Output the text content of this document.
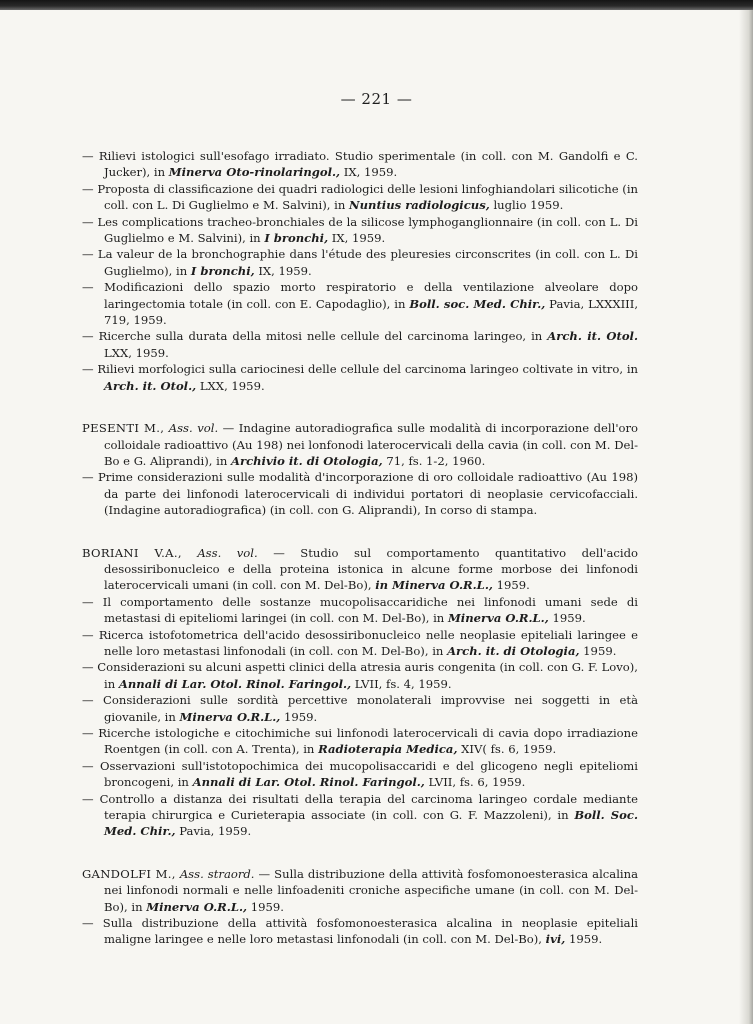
— 221 —

— Rilievi istologici sull'esofago irradiato. Studio sperimentale (in coll. con M. Gandolfi e C. Jucker), in Minerva Oto-rinolaringol., IX, 1959.

— Proposta di classificazione dei quadri radiologici delle lesioni linfoghiandolari silicotiche (in coll. con L. Di Guglielmo e M. Salvini), in Nuntius radiologicus, luglio 1959.

— Les complications tracheo-bronchiales de la silicose lymphoganglionnaire (in coll. con L. Di Guglielmo e M. Salvini), in I bronchi, IX, 1959.

— La valeur de la bronchographie dans l'étude des pleuresies circonscrites (in coll. con L. Di Guglielmo), in I bronchi, IX, 1959.

— Modificazioni dello spazio morto respiratorio e della ventilazione alveolare dopo laringectomia totale (in coll. con E. Capodaglio), in Boll. soc. Med. Chir., Pavia, LXXXIII, 719, 1959.

— Ricerche sulla durata della mitosi nelle cellule del carcinoma laringeo, in Arch. it. Otol. LXX, 1959.

— Rilievi morfologici sulla cariocinesi delle cellule del carcinoma laringeo coltivate in vitro, in Arch. it. Otol., LXX, 1959.

PESENTI M., Ass. vol. — Indagine autoradiografica sulle modalità di incorporazione dell'oro colloidale radioattivo (Au 198) nei lonfonodi laterocervicali della cavia (in coll. con M. Del-Bo e G. Aliprandi), in Archivio it. di Otologia, 71, fs. 1-2, 1960.

— Prime considerazioni sulle modalità d'incorporazione di oro colloidale radioattivo (Au 198) da parte dei linfonodi laterocervicali di individui portatori di neoplasie cervicofacciali. (Indagine autoradiografica) (in coll. con G. Aliprandi), In corso di stampa.

BORIANI V.A., Ass. vol. — Studio sul comportamento quantitativo dell'acido desossiribonucleico e della proteina istonica in alcune forme morbose dei linfonodi laterocervicali umani (in coll. con M. Del-Bo), in Minerva O.R.L., 1959.

— Il comportamento delle sostanze mucopolisaccaridiche nei linfonodi umani sede di metastasi di epiteliomi laringei (in coll. con M. Del-Bo), in Minerva O.R.L., 1959.

— Ricerca istofotometrica dell'acido desossiribonucleico nelle neoplasie epiteliali laringee e nelle loro metastasi linfonodali (in coll. con M. Del-Bo), in Arch. it. di Otologia, 1959.

— Considerazioni su alcuni aspetti clinici della atresia auris congenita (in coll. con G. F. Lovo), in Annali di Lar. Otol. Rinol. Faringol., LVII, fs. 4, 1959.

— Considerazioni sulle sordità percettive monolaterali improvvise nei soggetti in età giovanile, in Minerva O.R.L., 1959.

— Ricerche istologiche e citochimiche sui linfonodi laterocervicali di cavia dopo irradiazione Roentgen (in coll. con A. Trenta), in Radioterapia Medica, XIV( fs. 6, 1959.

— Osservazioni sull'istotopochimica dei mucopolisaccaridi e del glicogeno negli epiteliomi broncogeni, in Annali di Lar. Otol. Rinol. Faringol., LVII, fs. 6, 1959.

— Controllo a distanza dei risultati della terapia del carcinoma laringeo cordale mediante terapia chirurgica e Curieterapia associate (in coll. con G. F. Mazzoleni), in Boll. Soc. Med. Chir., Pavia, 1959.

GANDOLFI M., Ass. straord. — Sulla distribuzione della attività fosfomonoesterasica alcalina nei linfonodi normali e nelle linfoadeniti croniche aspecifiche umane (in coll. con M. Del-Bo), in Minerva O.R.L., 1959.

— Sulla distribuzione della attività fosfomonoesterasica alcalina in neoplasie epiteliali maligne laringee e nelle loro metastasi linfonodali (in coll. con M. Del-Bo), ivi, 1959.
